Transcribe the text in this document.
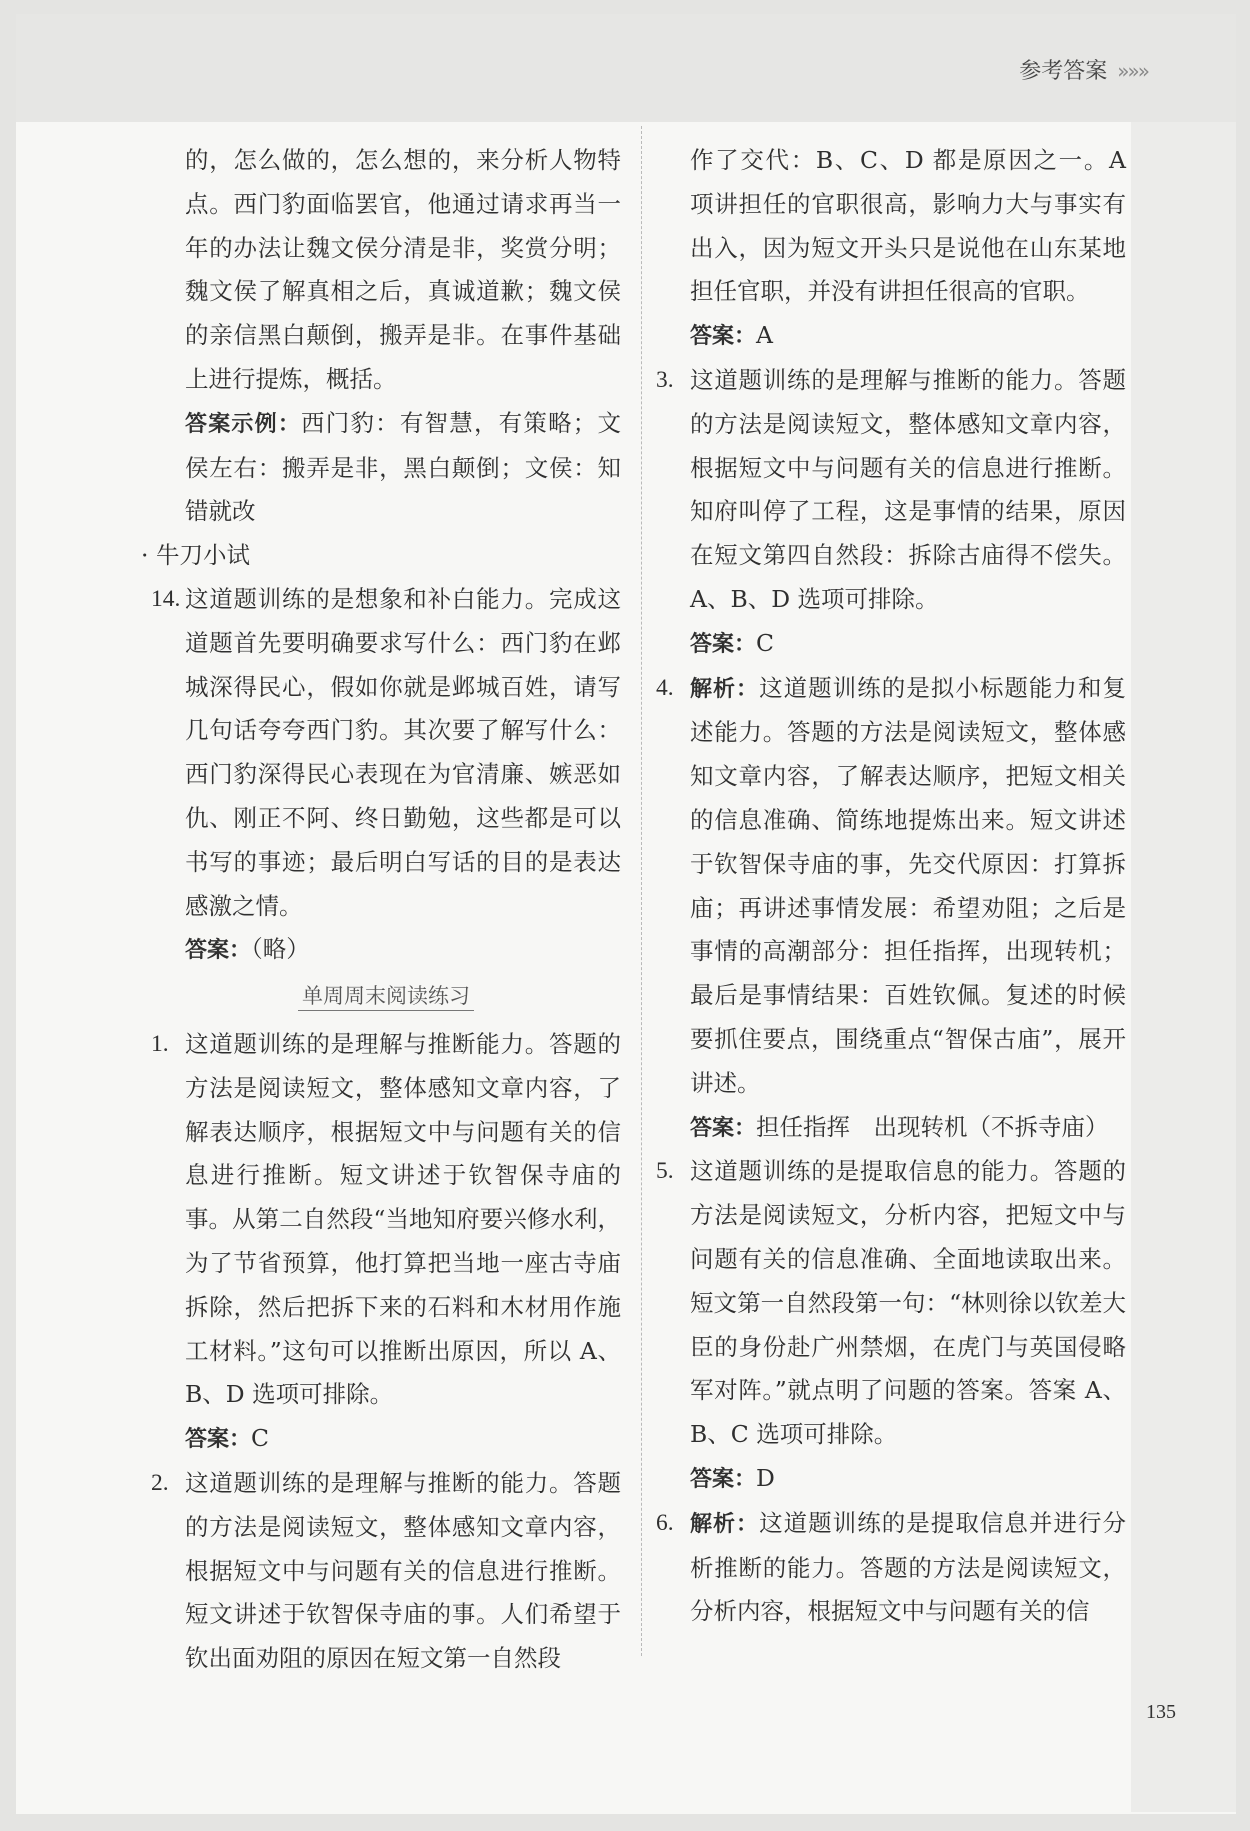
参考答案 »»»

的，怎么做的，怎么想的，来分析人物特点。西门豹面临罢官，他通过请求再当一年的办法让魏文侯分清是非，奖赏分明；魏文侯了解真相之后，真诚道歉；魏文侯的亲信黑白颠倒，搬弄是非。在事件基础上进行提炼，概括。

答案示例：西门豹：有智慧，有策略；文侯左右：搬弄是非，黑白颠倒；文侯：知错就改

· 牛刀小试

14. 这道题训练的是想象和补白能力。完成这道题首先要明确要求写什么：西门豹在邺城深得民心，假如你就是邺城百姓，请写几句话夸夸西门豹。其次要了解写什么：西门豹深得民心表现在为官清廉、嫉恶如仇、刚正不阿、终日勤勉，这些都是可以书写的事迹；最后明白写话的目的是表达感激之情。

答案：（略）

单周周末阅读练习
1. 这道题训练的是理解与推断能力。答题的方法是阅读短文，整体感知文章内容，了解表达顺序，根据短文中与问题有关的信息进行推断。短文讲述于钦智保寺庙的事。从第二自然段“当地知府要兴修水利，为了节省预算，他打算把当地一座古寺庙拆除，然后把拆下来的石料和木材用作施工材料。”这句可以推断出原因，所以 A、B、D 选项可排除。

答案：C

2. 这道题训练的是理解与推断的能力。答题的方法是阅读短文，整体感知文章内容，根据短文中与问题有关的信息进行推断。短文讲述于钦智保寺庙的事。人们希望于钦出面劝阻的原因在短文第一自然段

作了交代：B、C、D 都是原因之一。A 项讲担任的官职很高，影响力大与事实有出入，因为短文开头只是说他在山东某地担任官职，并没有讲担任很高的官职。

答案：A

3. 这道题训练的是理解与推断的能力。答题的方法是阅读短文，整体感知文章内容，根据短文中与问题有关的信息进行推断。知府叫停了工程，这是事情的结果，原因在短文第四自然段：拆除古庙得不偿失。A、B、D 选项可排除。

答案：C

4. 解析：这道题训练的是拟小标题能力和复述能力。答题的方法是阅读短文，整体感知文章内容，了解表达顺序，把短文相关的信息准确、简练地提炼出来。短文讲述于钦智保寺庙的事，先交代原因：打算拆庙；再讲述事情发展：希望劝阻；之后是事情的高潮部分：担任指挥，出现转机；最后是事情结果：百姓钦佩。复述的时候要抓住要点，围绕重点“智保古庙”，展开讲述。

答案：担任指挥　出现转机（不拆寺庙）

5. 这道题训练的是提取信息的能力。答题的方法是阅读短文，分析内容，把短文中与问题有关的信息准确、全面地读取出来。短文第一自然段第一句：“林则徐以钦差大臣的身份赴广州禁烟，在虎门与英国侵略军对阵。”就点明了问题的答案。答案 A、B、C 选项可排除。

答案：D

6. 解析：这道题训练的是提取信息并进行分析推断的能力。答题的方法是阅读短文，分析内容，根据短文中与问题有关的信
135
